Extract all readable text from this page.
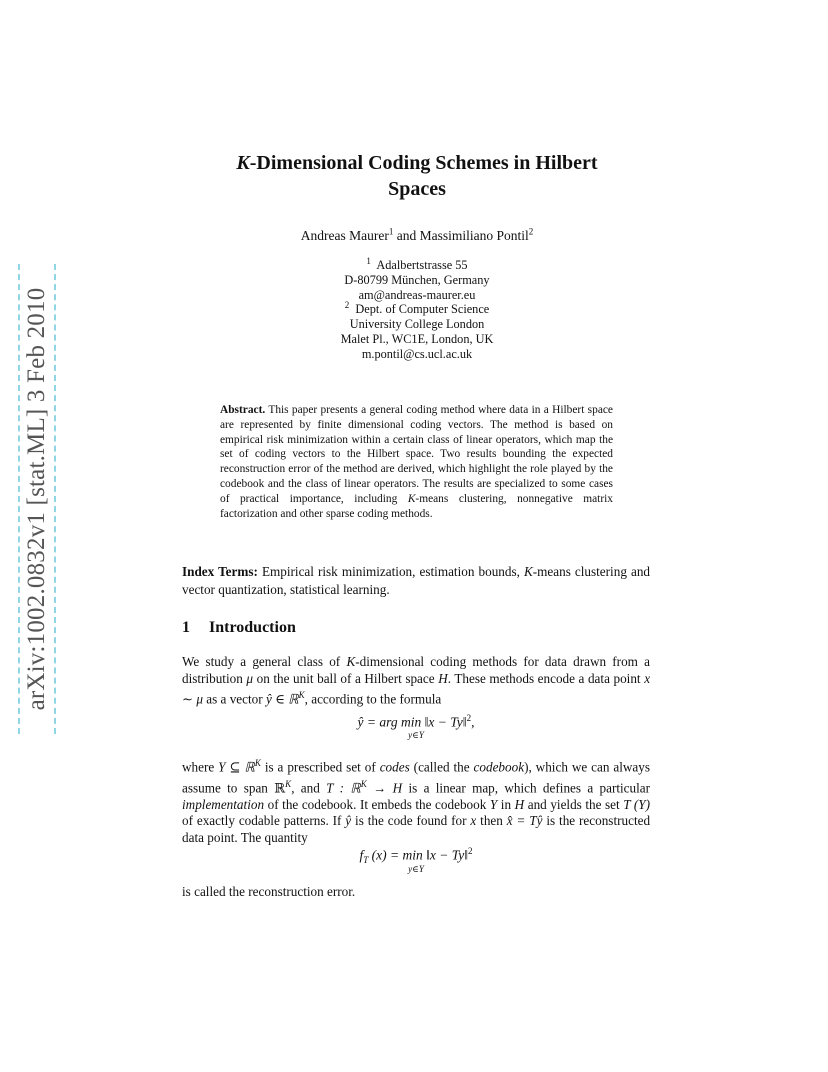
arXiv:1002.0832v1 [stat.ML] 3 Feb 2010
K-Dimensional Coding Schemes in Hilbert
Spaces
Andreas Maurer$^1$ and Massimiliano Pontil$^2$
$^1$ Adalbertstrasse 55
D-80799 München, Germany
am@andreas-maurer.eu
$^2$ Dept. of Computer Science
University College London
Malet Pl., WC1E, London, UK
m.pontil@cs.ucl.ac.uk
Abstract. This paper presents a general coding method where data in a Hilbert space are represented by finite dimensional coding vectors. The method is based on empirical risk minimization within a certain class of linear operators, which map the set of coding vectors to the Hilbert space. Two results bounding the expected reconstruction error of the method are derived, which highlight the role played by the codebook and the class of linear operators. The results are specialized to some cases of practical importance, including K-means clustering, nonnegative matrix factorization and other sparse coding methods.
Index Terms: Empirical risk minimization, estimation bounds, K-means clustering and vector quantization, statistical learning.
1 Introduction
We study a general class of K-dimensional coding methods for data drawn from a distribution μ on the unit ball of a Hilbert space H. These methods encode a data point x ∼ μ as a vector ŷ ∈ ℝ$^K$, according to the formula
ŷ = arg min ‖x − Ty‖$^2$,
y∈Y
where Y ⊆ ℝ$^K$ is a prescribed set of codes (called the codebook), which we can always assume to span ℝ$^K$, and T : ℝ$^K$ → H is a linear map, which defines a particular implementation of the codebook. It embeds the codebook Y in H and yields the set T (Y) of exactly codable patterns. If ŷ is the code found for x then x̂ = Tŷ is the reconstructed data point. The quantity
$f_T$ (x) = min ‖x − Ty‖$^2$
y∈Y
is called the reconstruction error.
